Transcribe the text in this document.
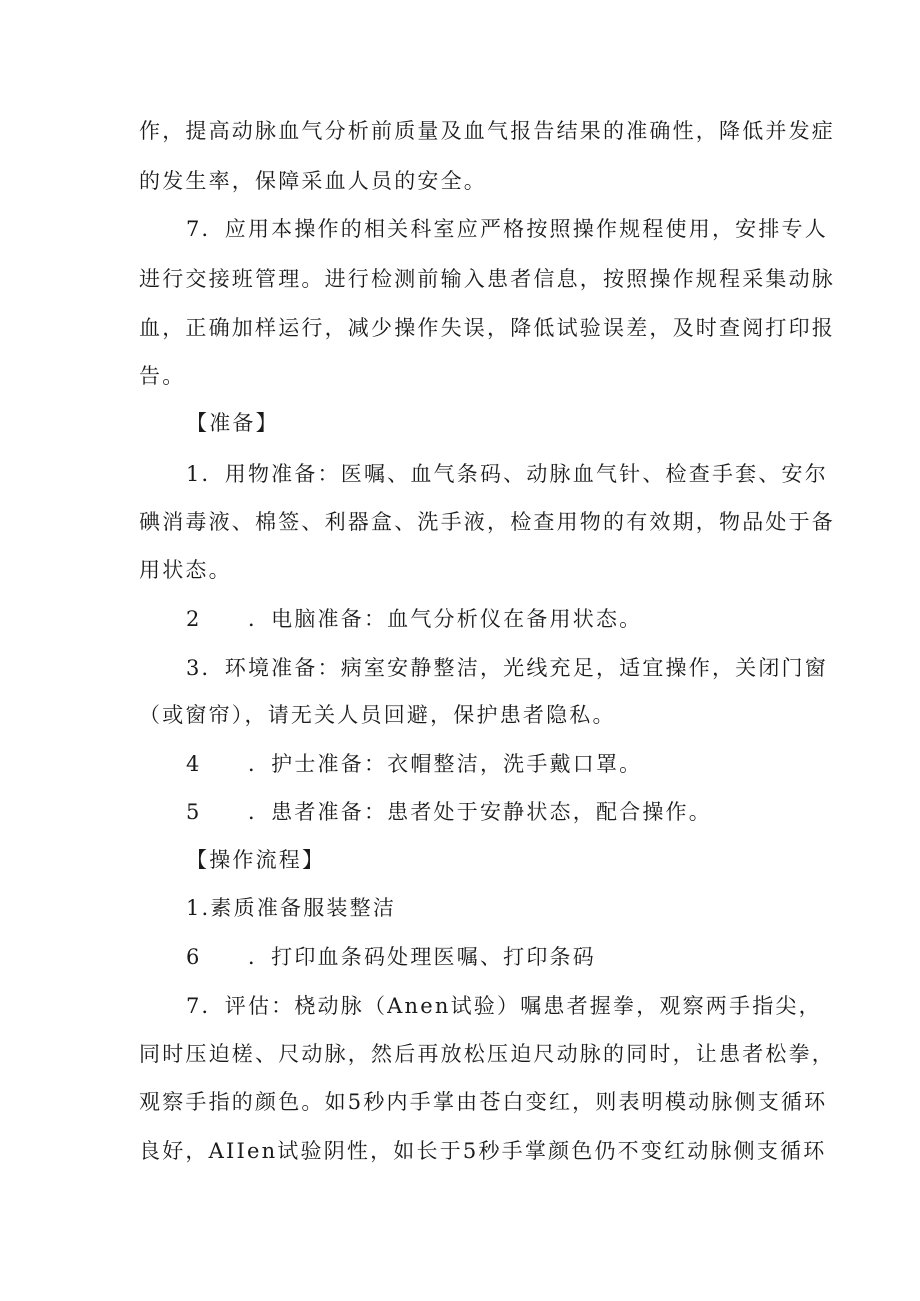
作，提高动脉血气分析前质量及血气报告结果的准确性，降低并发症
的发生率，保障采血人员的安全。
7．应用本操作的相关科室应严格按照操作规程使用，安排专人
进行交接班管理。进行检测前输入患者信息，按照操作规程采集动脉
血，正确加样运行，减少操作失误，降低试验误差，及时查阅打印报
告。
【准备】
1．用物准备：医嘱、血气条码、动脉血气针、检查手套、安尔
碘消毒液、棉签、利器盒、洗手液，检查用物的有效期，物品处于备
用状态。
2　　．电脑准备：血气分析仪在备用状态。
3．环境准备：病室安静整洁，光线充足，适宜操作，关闭门窗
（或窗帘），请无关人员回避，保护患者隐私。
4　　．护士准备：衣帽整洁，洗手戴口罩。
5　　．患者准备：患者处于安静状态，配合操作。
【操作流程】
1.素质准备服装整洁
6　　．打印血条码处理医嘱、打印条码
7．评估：桡动脉（Anen试验）嘱患者握拳，观察两手指尖，
同时压迫槎、尺动脉，然后再放松压迫尺动脉的同时，让患者松拳，
观察手指的颜色。如5秒内手掌由苍白变红，则表明模动脉侧支循环
良好，AIIen试验阴性，如长于5秒手掌颜色仍不变红动脉侧支循环
